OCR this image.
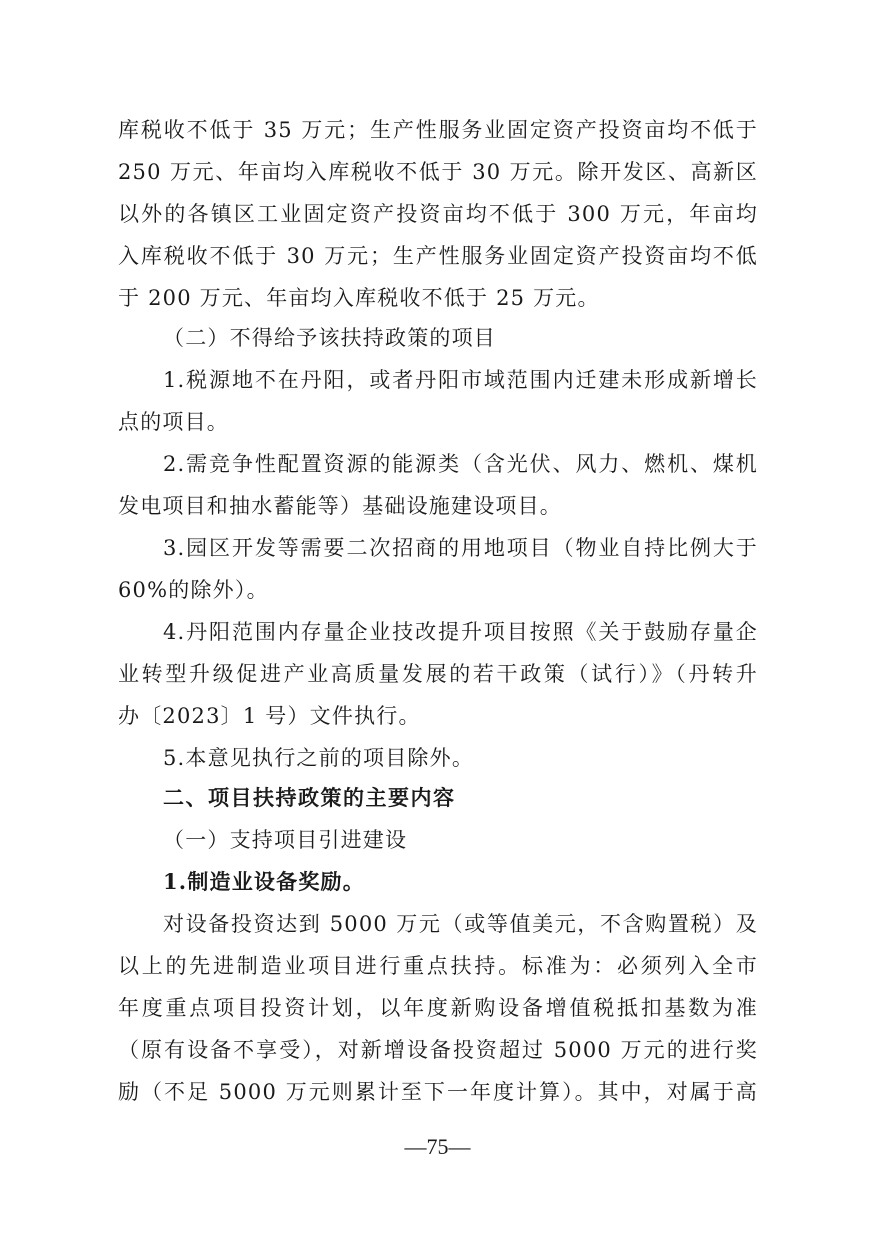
库税收不低于 35 万元；生产性服务业固定资产投资亩均不低于
250 万元、年亩均入库税收不低于 30 万元。除开发区、高新区
以外的各镇区工业固定资产投资亩均不低于 300 万元，年亩均
入库税收不低于 30 万元；生产性服务业固定资产投资亩均不低
于 200 万元、年亩均入库税收不低于 25 万元。
（二）不得给予该扶持政策的项目
1.税源地不在丹阳，或者丹阳市域范围内迁建未形成新增长
点的项目。
2.需竞争性配置资源的能源类（含光伏、风力、燃机、煤机
发电项目和抽水蓄能等）基础设施建设项目。
3.园区开发等需要二次招商的用地项目（物业自持比例大于
60%的除外）。
4.丹阳范围内存量企业技改提升项目按照《关于鼓励存量企
业转型升级促进产业高质量发展的若干政策（试行）》（丹转升
办〔2023〕1 号）文件执行。
5.本意见执行之前的项目除外。
二、项目扶持政策的主要内容
（一）支持项目引进建设
1.制造业设备奖励。
对设备投资达到 5000 万元（或等值美元，不含购置税）及
以上的先进制造业项目进行重点扶持。标准为：必须列入全市
年度重点项目投资计划，以年度新购设备增值税抵扣基数为准
（原有设备不享受），对新增设备投资超过 5000 万元的进行奖
励（不足 5000 万元则累计至下一年度计算）。其中，对属于高
—75—
